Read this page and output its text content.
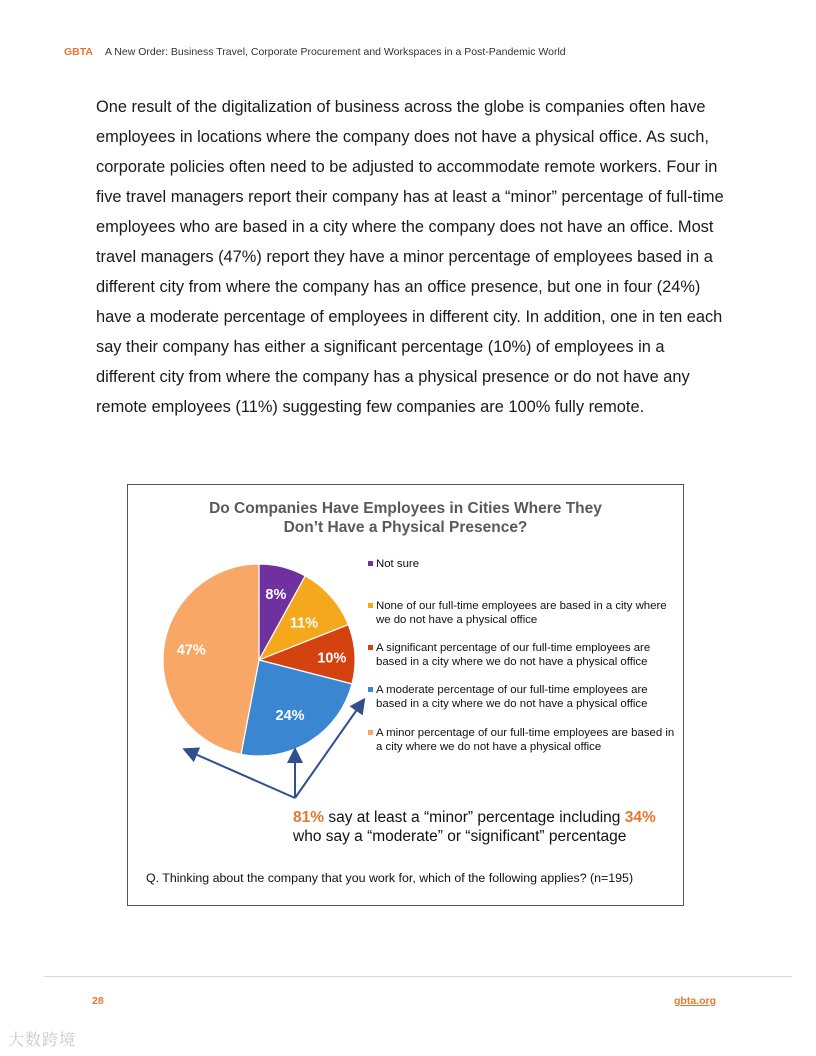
GBTA A New Order: Business Travel, Corporate Procurement and Workspaces in a Post-Pandemic World
One result of the digitalization of business across the globe is companies often have employees in locations where the company does not have a physical office. As such, corporate policies often need to be adjusted to accommodate remote workers. Four in five travel managers report their company has at least a “minor” percentage of full-time employees who are based in a city where the company does not have an office. Most travel managers (47%) report they have a minor percentage of employees based in a different city from where the company has an office presence, but one in four (24%) have a moderate percentage of employees in different city. In addition, one in ten each say their company has either a significant percentage (10%) of employees in a different city from where the company has a physical presence or do not have any remote employees (11%) suggesting few companies are 100% fully remote.
Do Companies Have Employees in Cities Where They
Don’t Have a Physical Presence?
8%
11%
10%
24%
47%
Not sure
None of our full-time employees are based in a city where we do not have a physical office
A significant percentage of our full-time employees are based in a city where we do not have a physical office
A moderate percentage of our full-time employees are based in a city where we do not have a physical office
A minor percentage of our full-time employees are based in a city where we do not have a physical office
81% say at least a “minor” percentage including 34%
who say a “moderate” or “significant” percentage
Q. Thinking about the company that you work for, which of the following applies? (n=195)
28	gbta.org
大数跨境
